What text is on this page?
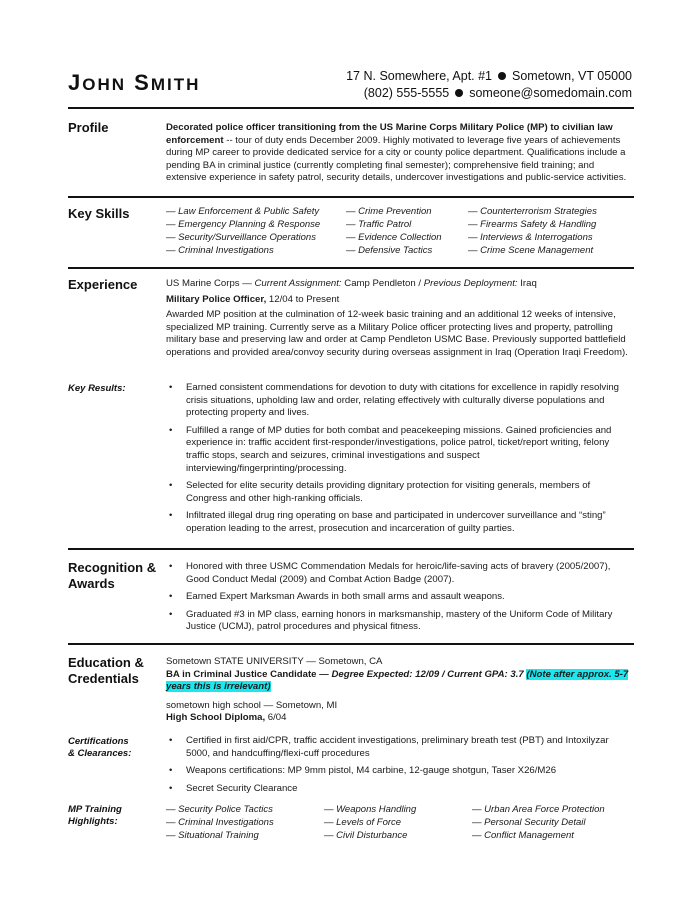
JOHN SMITH	17 N. Somewhere, Apt. #1 Sometown, VT 05000
(802) 555-5555 someone@somedomain.com
Profile	Decorated police officer transitioning from the US Marine Corps Military Police (MP) to civilian law enforcement -- tour of duty ends December 2009. Highly motivated to leverage five years of achievements during MP career to provide dedicated service for a city or county police department. Qualifications include a pending BA in criminal justice (currently completing final semester); comprehensive field training; and extensive experience in safety patrol, security details, undercover investigations and public-service activities.
Key Skills	— Law Enforcement & Public Safety
— Emergency Planning & Response
— Security/Surveillance Operations
— Criminal Investigations
— Crime Prevention
— Traffic Patrol
— Evidence Collection
— Defensive Tactics
— Counterterrorism Strategies
— Firearms Safety & Handling
— Interviews & Interrogations
— Crime Scene Management
Experience	US Marine Corps — Current Assignment: Camp Pendleton / Previous Deployment: Iraq
Military Police Officer, 12/04 to Present
Awarded MP position at the culmination of 12-week basic training and an additional 12 weeks of intensive, specialized MP training. Currently serve as a Military Police officer protecting lives and property, patrolling military base and preserving law and order at Camp Pendleton USMC Base. Previously supported battlefield operations and provided area/convoy security during overseas assignment in Iraq (Operation Iraqi Freedom).
Key Results:
•	Earned consistent commendations for devotion to duty with citations for excellence in rapidly resolving crisis situations, upholding law and order, relating effectively with culturally diverse populations and protecting property and lives.
• Fulfilled a range of MP duties for both combat and peacekeeping missions. Gained proficiencies and experience in: traffic accident first-responder/investigations, police patrol, ticket/report writing, felony traffic stops, search and seizures, criminal investigations and suspect interviewing/fingerprinting/processing.
• Selected for elite security details providing dignitary protection for visiting generals, members of Congress and other high-ranking officials.
• Infiltrated illegal drug ring operating on base and participated in undercover surveillance and “sting” operation leading to the arrest, prosecution and incarceration of guilty parties.
Recognition &
Awards
• Honored with three USMC Commendation Medals for heroic/life-saving acts of bravery (2005/2007), Good Conduct Medal (2009) and Combat Action Badge (2007).
• Earned Expert Marksman Awards in both small arms and assault weapons.
• Graduated #3 in MP class, earning honors in marksmanship, mastery of the Uniform Code of Military Justice (UCMJ), patrol procedures and physical fitness.
Education &
Credentials
Sometown STATE UNIVERSITY — Sometown, CA
BA in Criminal Justice Candidate — Degree Expected: 12/09 / Current GPA: 3.7 (Note after approx. 5-7 years this is irrelevant)
sometown high school — Sometown, MI
High School Diploma, 6/04
Certifications
& Clearances:
• Certified in first aid/CPR, traffic accident investigations, preliminary breath test (PBT) and Intoxilyzar 5000, and handcuffing/flexi-cuff procedures
• Weapons certifications: MP 9mm pistol, M4 carbine, 12-gauge shotgun, Taser X26/M26
• Secret Security Clearance
MP Training
Highlights:
— Security Police Tactics
— Criminal Investigations
— Situational Training
— Weapons Handling
— Levels of Force
— Civil Disturbance
— Urban Area Force Protection
— Personal Security Detail
— Conflict Management
